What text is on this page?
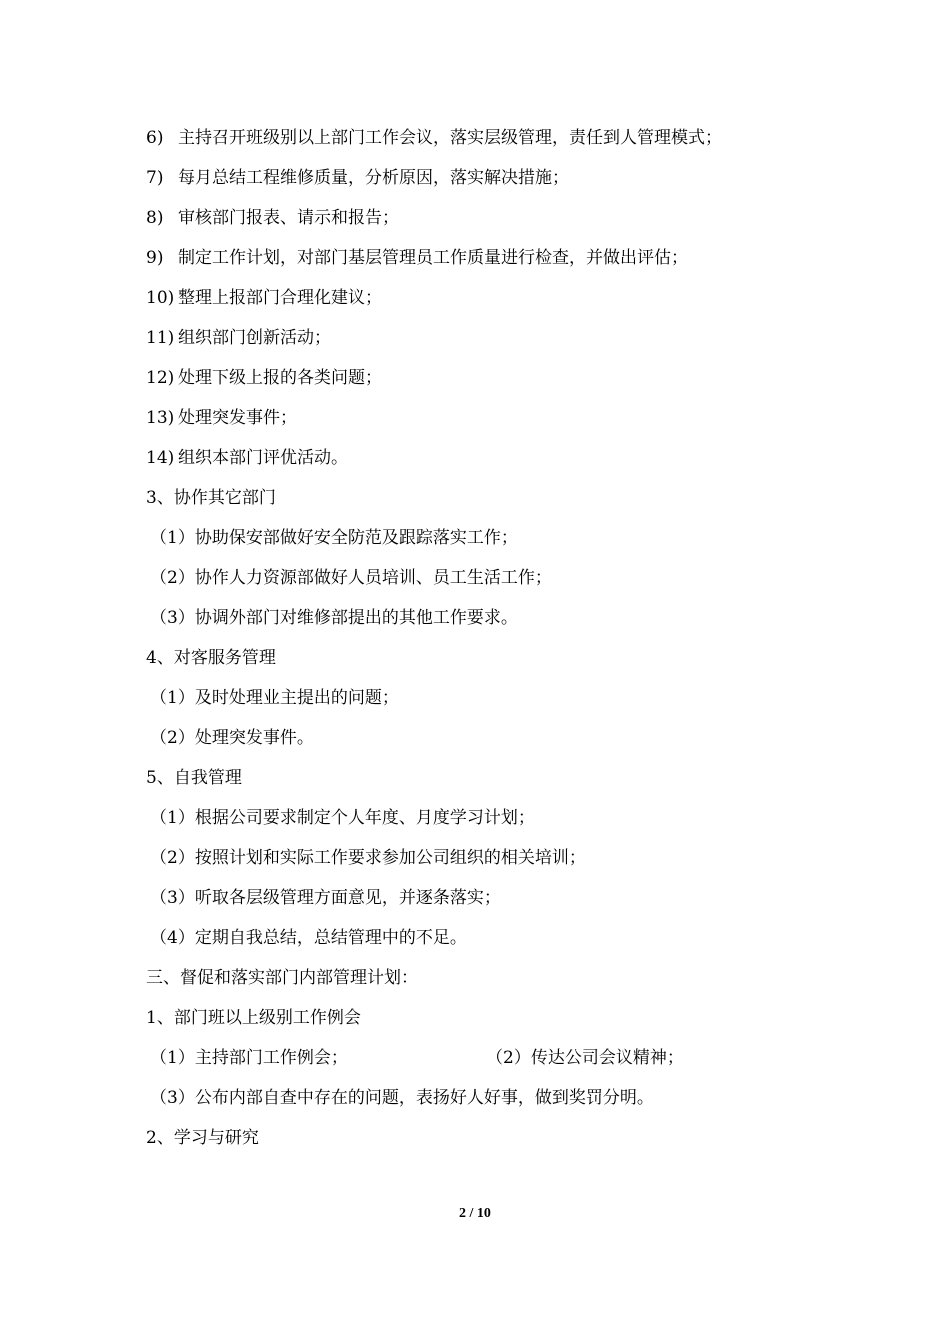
6) 主持召开班级别以上部门工作会议，落实层级管理，责任到人管理模式；
7) 每月总结工程维修质量，分析原因，落实解决措施；
8) 审核部门报表、请示和报告；
9) 制定工作计划，对部门基层管理员工作质量进行检查，并做出评估；
10) 整理上报部门合理化建议；
11) 组织部门创新活动；
12) 处理下级上报的各类问题；
13) 处理突发事件；
14) 组织本部门评优活动。
3、协作其它部门
（1）协助保安部做好安全防范及跟踪落实工作；
（2）协作人力资源部做好人员培训、员工生活工作；
（3）协调外部门对维修部提出的其他工作要求。
4、对客服务管理
（1）及时处理业主提出的问题；
（2）处理突发事件。
5、自我管理
（1）根据公司要求制定个人年度、月度学习计划；
（2）按照计划和实际工作要求参加公司组织的相关培训；
（3）听取各层级管理方面意见，并逐条落实；
（4）定期自我总结，总结管理中的不足。
三、督促和落实部门内部管理计划：
1、部门班以上级别工作例会
（1）主持部门工作例会；	（2）传达公司会议精神；
（3）公布内部自查中存在的问题，表扬好人好事，做到奖罚分明。
2、学习与研究
2 / 10
